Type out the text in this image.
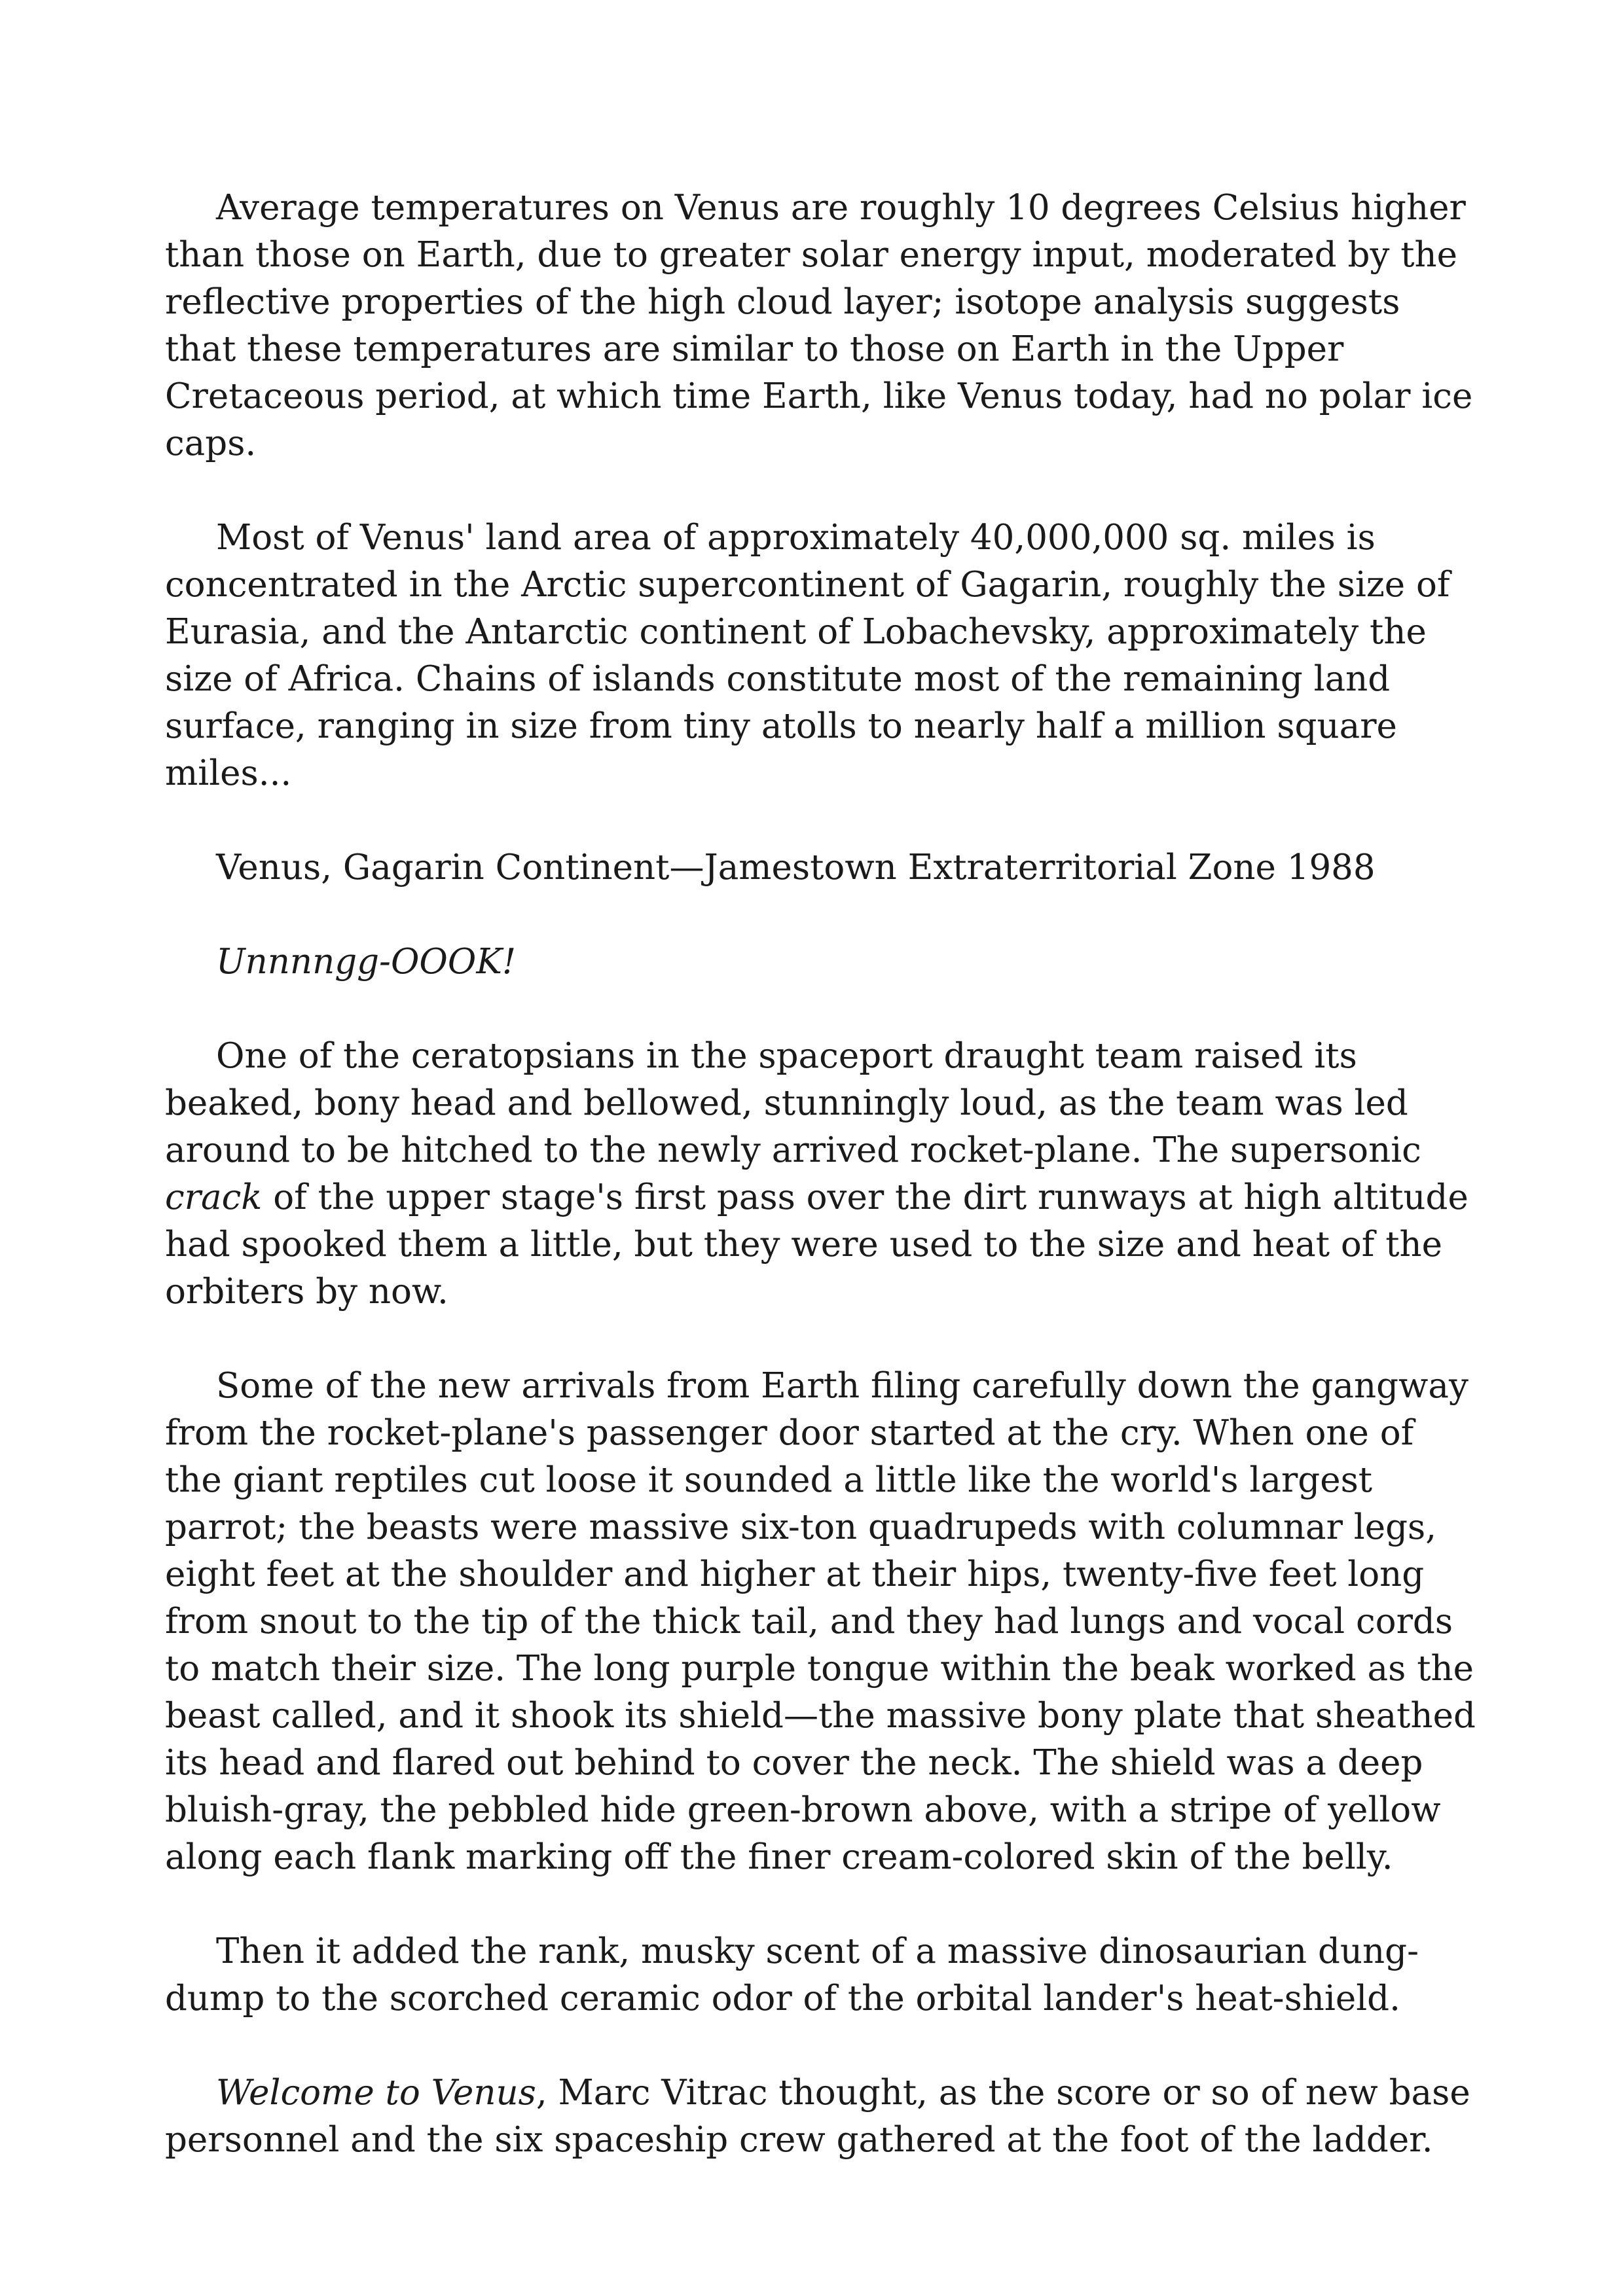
Average temperatures on Venus are roughly 10 degrees Celsius higher than those on Earth, due to greater solar energy input, moderated by the reflective properties of the high cloud layer; isotope analysis suggests that these temperatures are similar to those on Earth in the Upper Cretaceous period, at which time Earth, like Venus today, had no polar ice caps.

Most of Venus' land area of approximately 40,000,000 sq. miles is concentrated in the Arctic supercontinent of Gagarin, roughly the size of Eurasia, and the Antarctic continent of Lobachevsky, approximately the size of Africa. Chains of islands constitute most of the remaining land surface, ranging in size from tiny atolls to nearly half a million square miles...

Venus, Gagarin Continent—Jamestown Extraterritorial Zone 1988

Unnnngg-OOOK!

One of the ceratopsians in the spaceport draught team raised its beaked, bony head and bellowed, stunningly loud, as the team was led around to be hitched to the newly arrived rocket-plane. The supersonic crack of the upper stage's first pass over the dirt runways at high altitude had spooked them a little, but they were used to the size and heat of the orbiters by now.

Some of the new arrivals from Earth filing carefully down the gangway from the rocket-plane's passenger door started at the cry. When one of the giant reptiles cut loose it sounded a little like the world's largest parrot; the beasts were massive six-ton quadrupeds with columnar legs, eight feet at the shoulder and higher at their hips, twenty-five feet long from snout to the tip of the thick tail, and they had lungs and vocal cords to match their size. The long purple tongue within the beak worked as the beast called, and it shook its shield—the massive bony plate that sheathed its head and flared out behind to cover the neck. The shield was a deep bluish-gray, the pebbled hide green-brown above, with a stripe of yellow along each flank marking off the finer cream-colored skin of the belly.

Then it added the rank, musky scent of a massive dinosaurian dung-dump to the scorched ceramic odor of the orbital lander's heat-shield.

Welcome to Venus, Marc Vitrac thought, as the score or so of new base personnel and the six spaceship crew gathered at the foot of the ladder.
